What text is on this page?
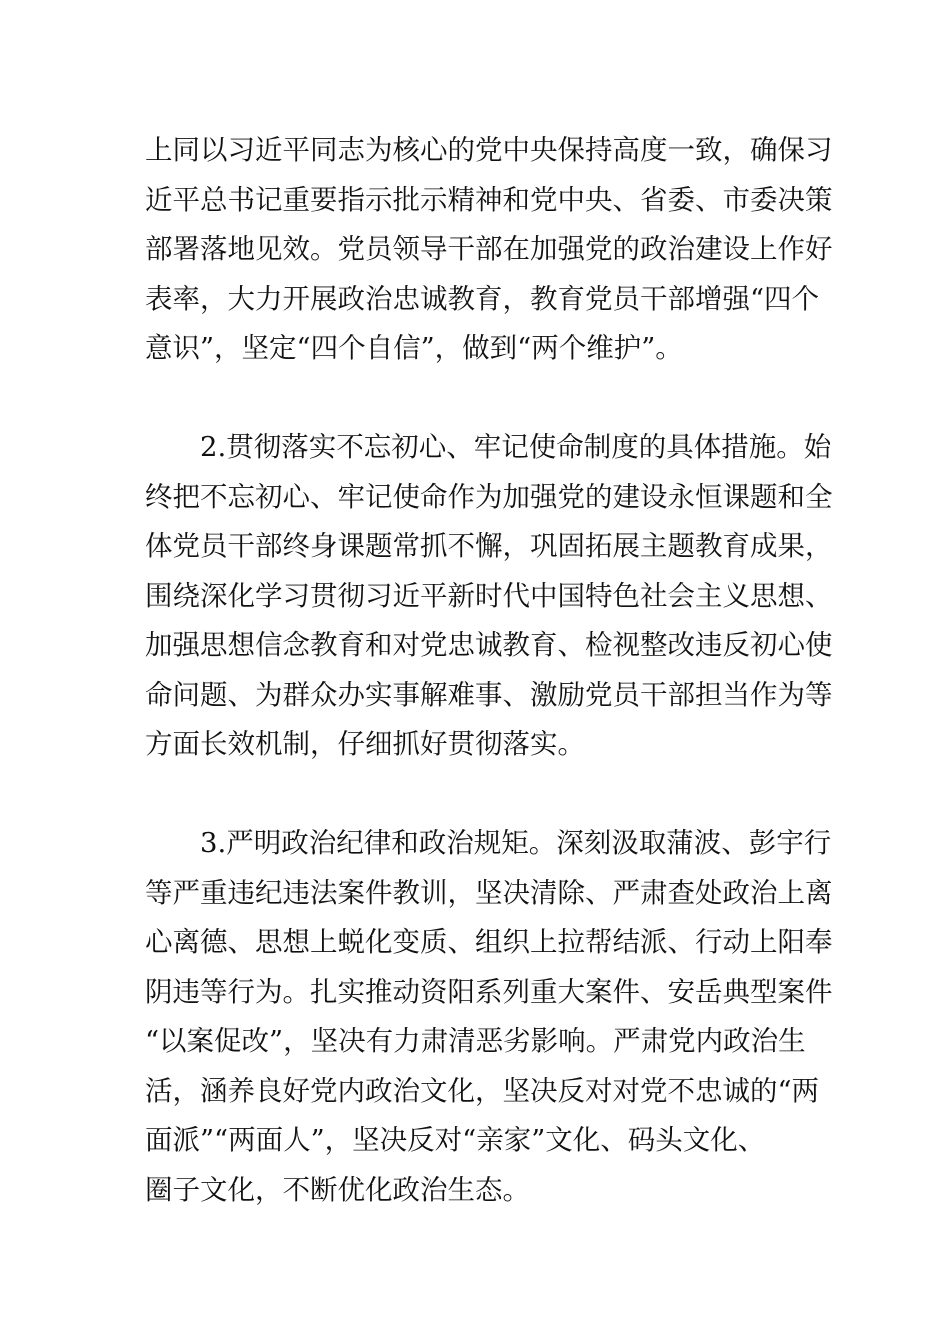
上同以习近平同志为核心的党中央保持高度一致，确保习
近平总书记重要指示批示精神和党中央、省委、市委决策
部署落地见效。党员领导干部在加强党的政治建设上作好
表率，大力开展政治忠诚教育，教育党员干部增强“四个
意识”，坚定“四个自信”，做到“两个维护”。
　　2.贯彻落实不忘初心、牢记使命制度的具体措施。始
终把不忘初心、牢记使命作为加强党的建设永恒课题和全
体党员干部终身课题常抓不懈，巩固拓展主题教育成果，
围绕深化学习贯彻习近平新时代中国特色社会主义思想、
加强思想信念教育和对党忠诚教育、检视整改违反初心使
命问题、为群众办实事解难事、激励党员干部担当作为等
方面长效机制，仔细抓好贯彻落实。
　　3.严明政治纪律和政治规矩。深刻汲取蒲波、彭宇行
等严重违纪违法案件教训，坚决清除、严肃查处政治上离
心离德、思想上蜕化变质、组织上拉帮结派、行动上阳奉
阴违等行为。扎实推动资阳系列重大案件、安岳典型案件
“以案促改”，坚决有力肃清恶劣影响。严肃党内政治生
活，涵养良好党内政治文化，坚决反对对党不忠诚的“两
面派”“两面人”，坚决反对“亲家”文化、码头文化、
圈子文化，不断优化政治生态。
